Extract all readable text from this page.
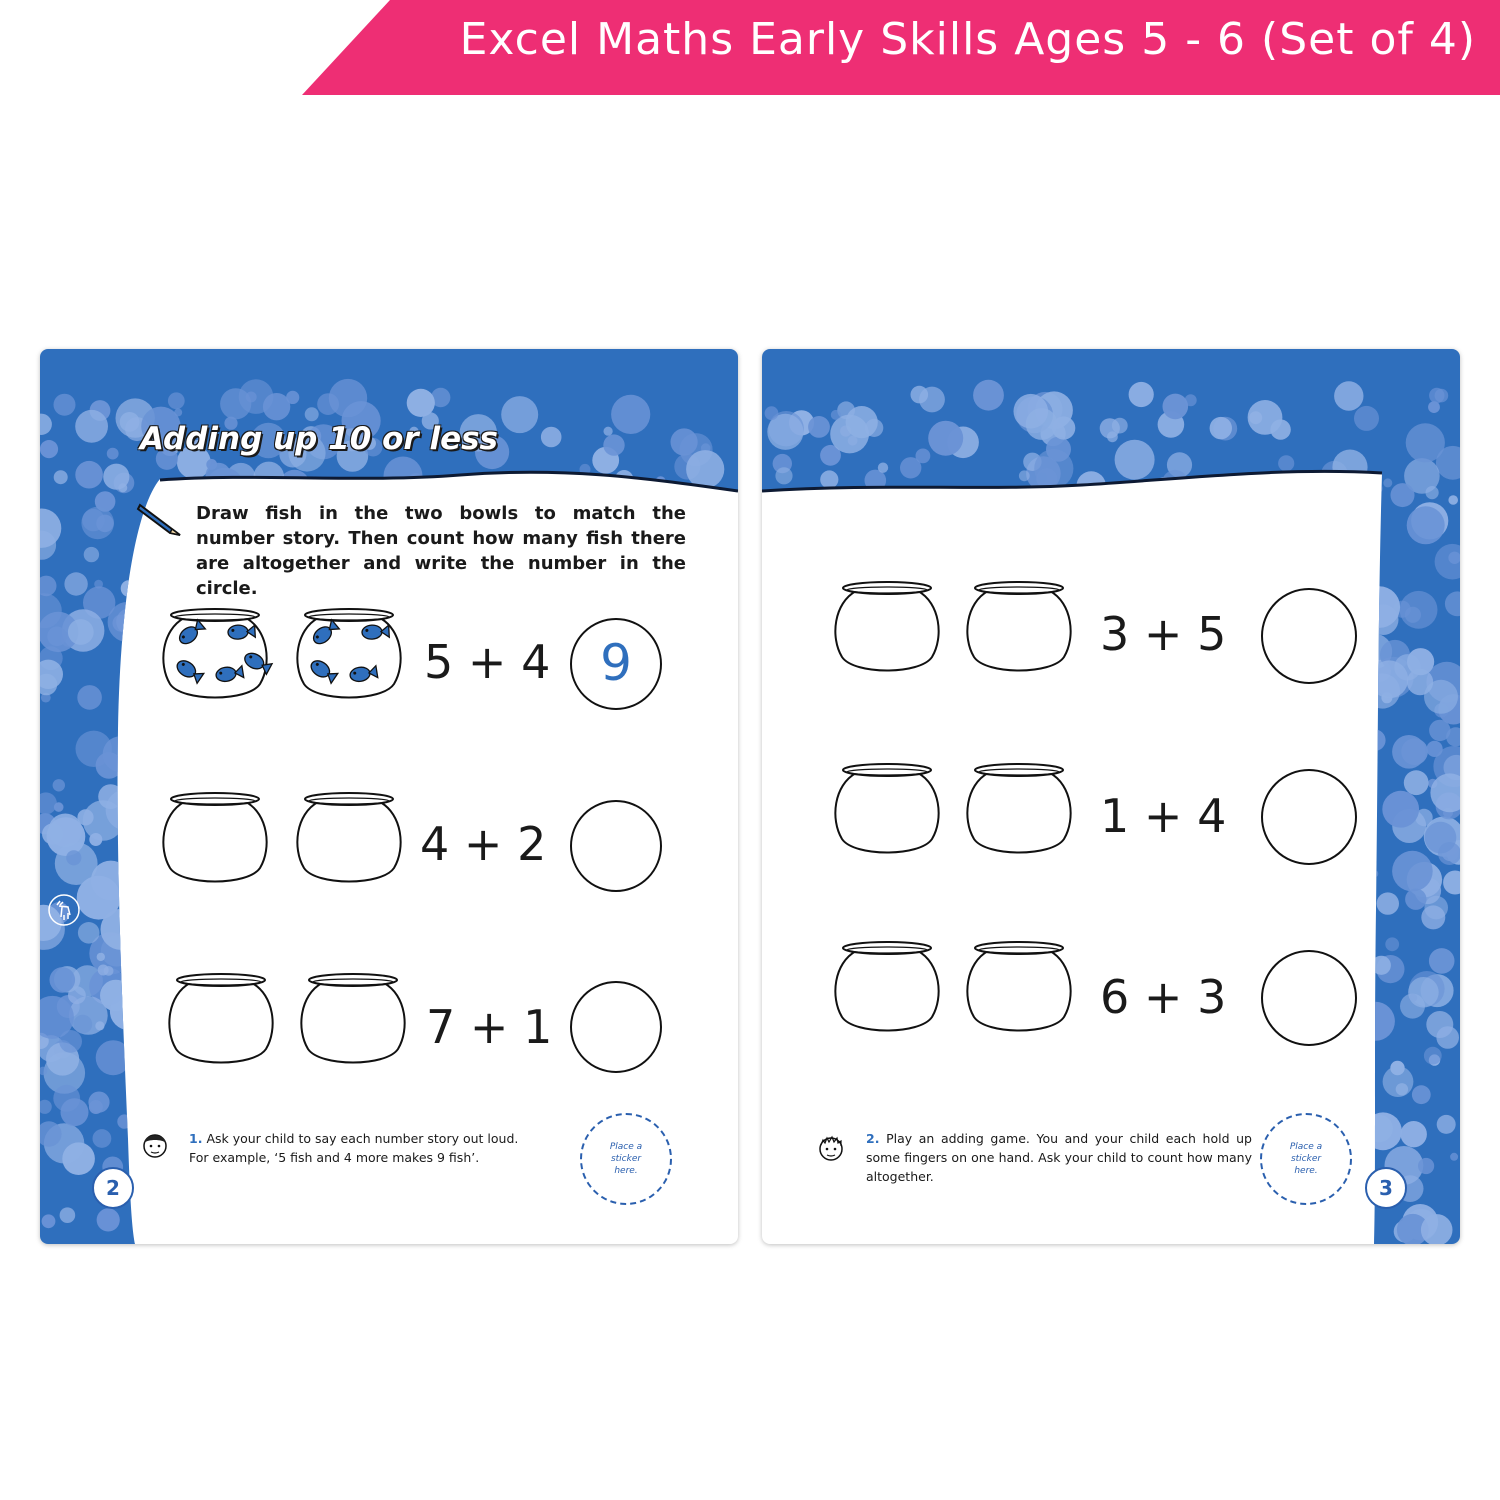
Excel Maths Early Skills Ages 5 - 6 (Set of 4)
Adding up 10 or less
Draw fish in the two bowls to match the number story. Then count how many fish there are altogether and write the number in the circle.
5 + 4 9
4 + 2
7 + 1
1. Ask your child to say each number story out loud. For example, ‘5 fish and 4 more makes 9 fish’.
Place a sticker here.
2
3 + 5
1 + 4
6 + 3
2. Play an adding game. You and your child each hold up some fingers on one hand. Ask your child to count how many altogether.
Place a sticker here.
3
